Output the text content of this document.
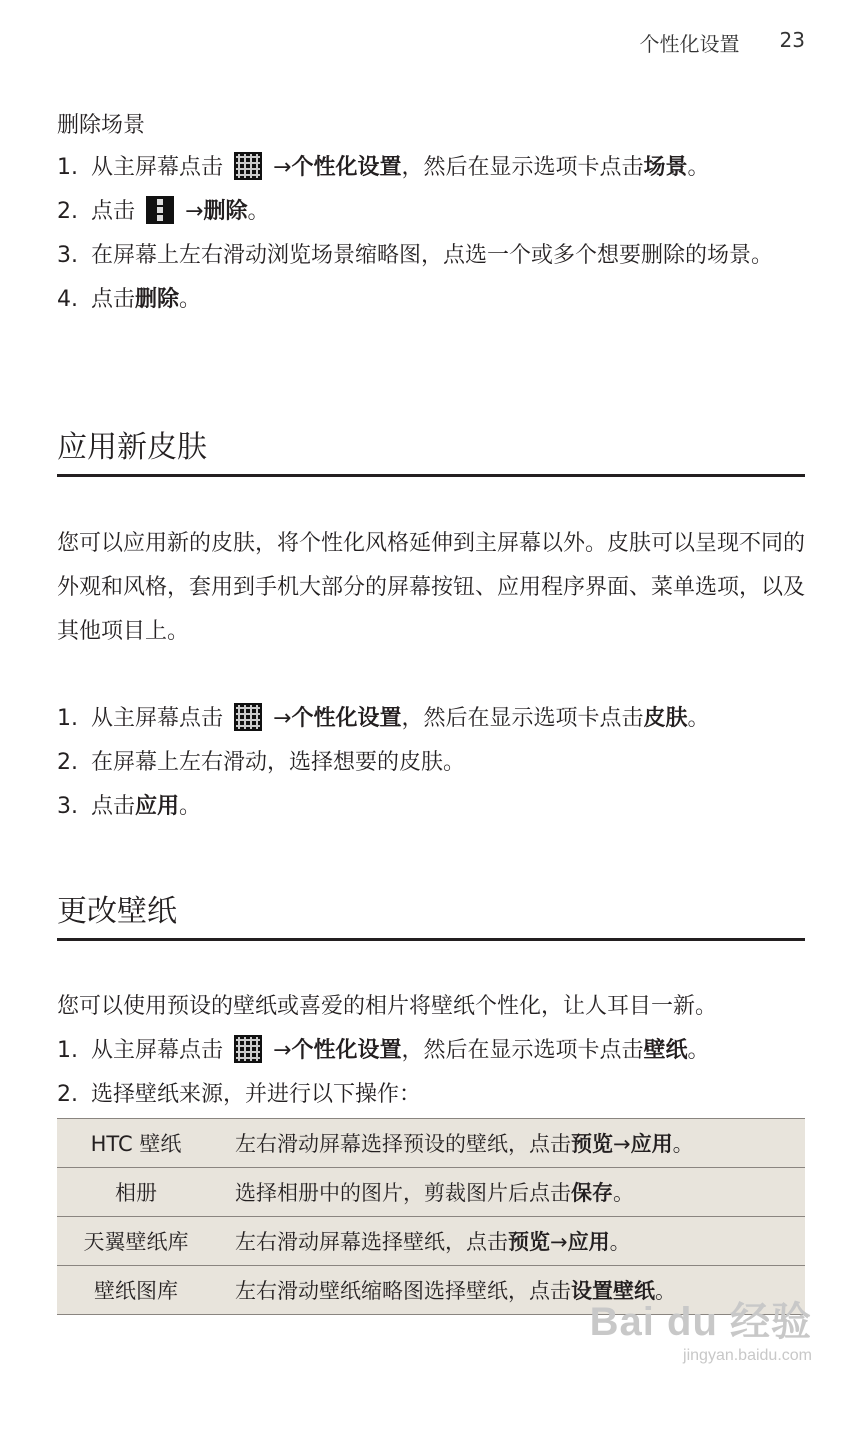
个性化设置 23
删除场景
1. 从主屏幕点击 →个性化设置，然后在显示选项卡点击场景。
2. 点击 →删除。
3. 在屏幕上左右滑动浏览场景缩略图，点选一个或多个想要删除的场景。
4. 点击删除。
应用新皮肤
您可以应用新的皮肤，将个性化风格延伸到主屏幕以外。皮肤可以呈现不同的外观和风格，套用到手机大部分的屏幕按钮、应用程序界面、菜单选项，以及其他项目上。
1. 从主屏幕点击 →个性化设置，然后在显示选项卡点击皮肤。
2. 在屏幕上左右滑动，选择想要的皮肤。
3. 点击应用。
更改壁纸
您可以使用预设的壁纸或喜爱的相片将壁纸个性化，让人耳目一新。
1. 从主屏幕点击 →个性化设置，然后在显示选项卡点击壁纸。
2. 选择壁纸来源，并进行以下操作：
HTC 壁纸	左右滑动屏幕选择预设的壁纸，点击预览→应用。
相册	选择相册中的图片，剪裁图片后点击保存。
天翼壁纸库	左右滑动屏幕选择壁纸，点击预览→应用。
壁纸图库	左右滑动壁纸缩略图选择壁纸，点击设置壁纸。
Bai du 经验
jingyan.baidu.com
